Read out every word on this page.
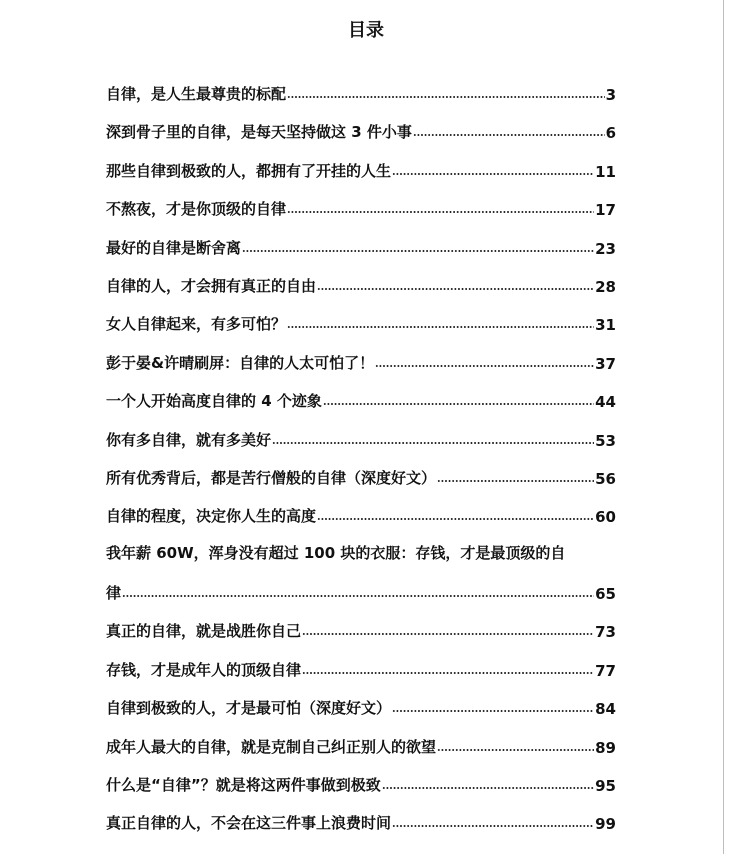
目录
自律，是人生最尊贵的标配	3
深到骨子里的自律，是每天坚持做这 3 件小事	6
那些自律到极致的人，都拥有了开挂的人生	11
不熬夜，才是你顶级的自律	17
最好的自律是断舍离	23
自律的人，才会拥有真正的自由	28
女人自律起来，有多可怕？	31
彭于晏&许晴刷屏：自律的人太可怕了！	37
一个人开始高度自律的 4 个迹象	44
你有多自律，就有多美好	53
所有优秀背后，都是苦行僧般的自律（深度好文）	56
自律的程度，决定你人生的高度	60
我年薪 60W，浑身没有超过 100 块的衣服：存钱，才是最顶级的自
律	65
真正的自律，就是战胜你自己	73
存钱，才是成年人的顶级自律	77
自律到极致的人，才是最可怕（深度好文）	84
成年人最大的自律，就是克制自己纠正别人的欲望	89
什么是“自律”？就是将这两件事做到极致	95
真正自律的人，不会在这三件事上浪费时间	99
